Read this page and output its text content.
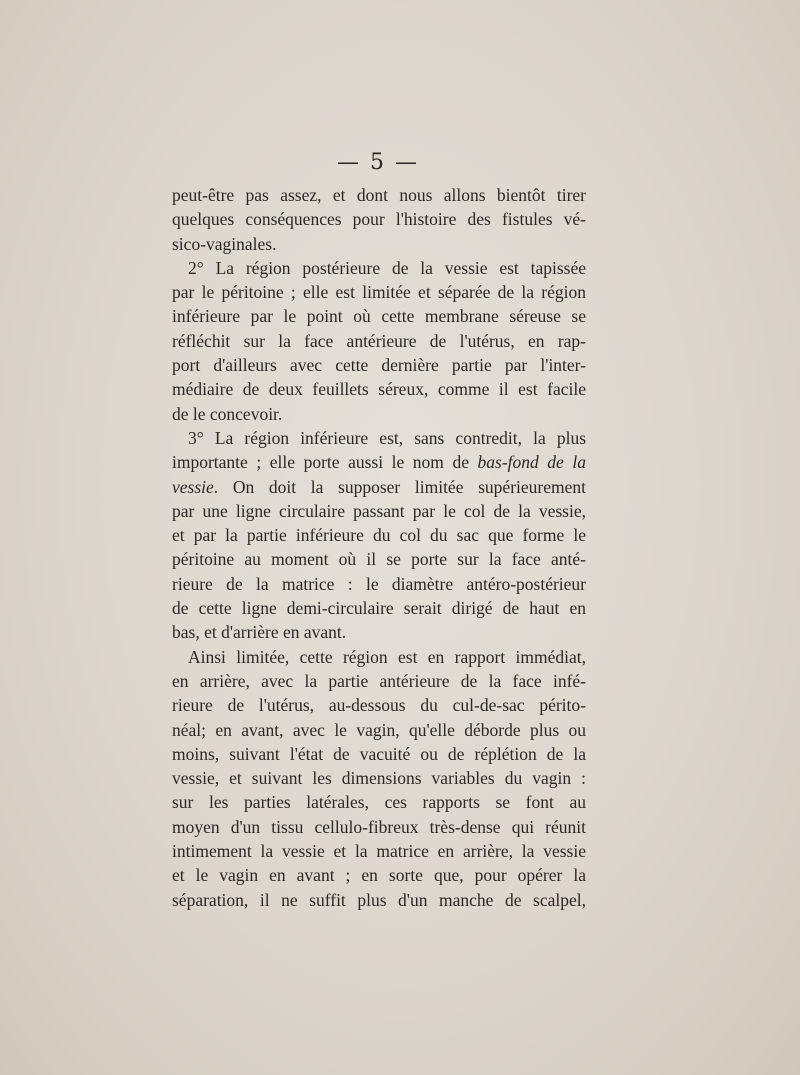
— 5 —
peut-être pas assez, et dont nous allons bientôt tirer
quelques conséquences pour l'histoire des fistules vé-
sico-vaginales.
2° La région postérieure de la vessie est tapissée
par le péritoine ; elle est limitée et séparée de la région
inférieure par le point où cette membrane séreuse se
réfléchit sur la face antérieure de l'utérus, en rap-
port d'ailleurs avec cette dernière partie par l'inter-
médiaire de deux feuillets séreux, comme il est facile
de le concevoir.
3° La région inférieure est, sans contredit, la plus
importante ; elle porte aussi le nom de bas-fond de la
vessie. On doit la supposer limitée supérieurement
par une ligne circulaire passant par le col de la vessie,
et par la partie inférieure du col du sac que forme le
péritoine au moment où il se porte sur la face anté-
rieure de la matrice : le diamètre antéro-postérieur
de cette ligne demi-circulaire serait dirigé de haut en
bas, et d'arrière en avant.
Ainsi limitée, cette région est en rapport immédiat,
en arrière, avec la partie antérieure de la face infé-
rieure de l'utérus, au-dessous du cul-de-sac périto-
néal; en avant, avec le vagin, qu'elle déborde plus ou
moins, suivant l'état de vacuité ou de réplétion de la
vessie, et suivant les dimensions variables du vagin :
sur les parties latérales, ces rapports se font au
moyen d'un tissu cellulo-fibreux très-dense qui réunit
intimement la vessie et la matrice en arrière, la vessie
et le vagin en avant ; en sorte que, pour opérer la
séparation, il ne suffit plus d'un manche de scalpel,
